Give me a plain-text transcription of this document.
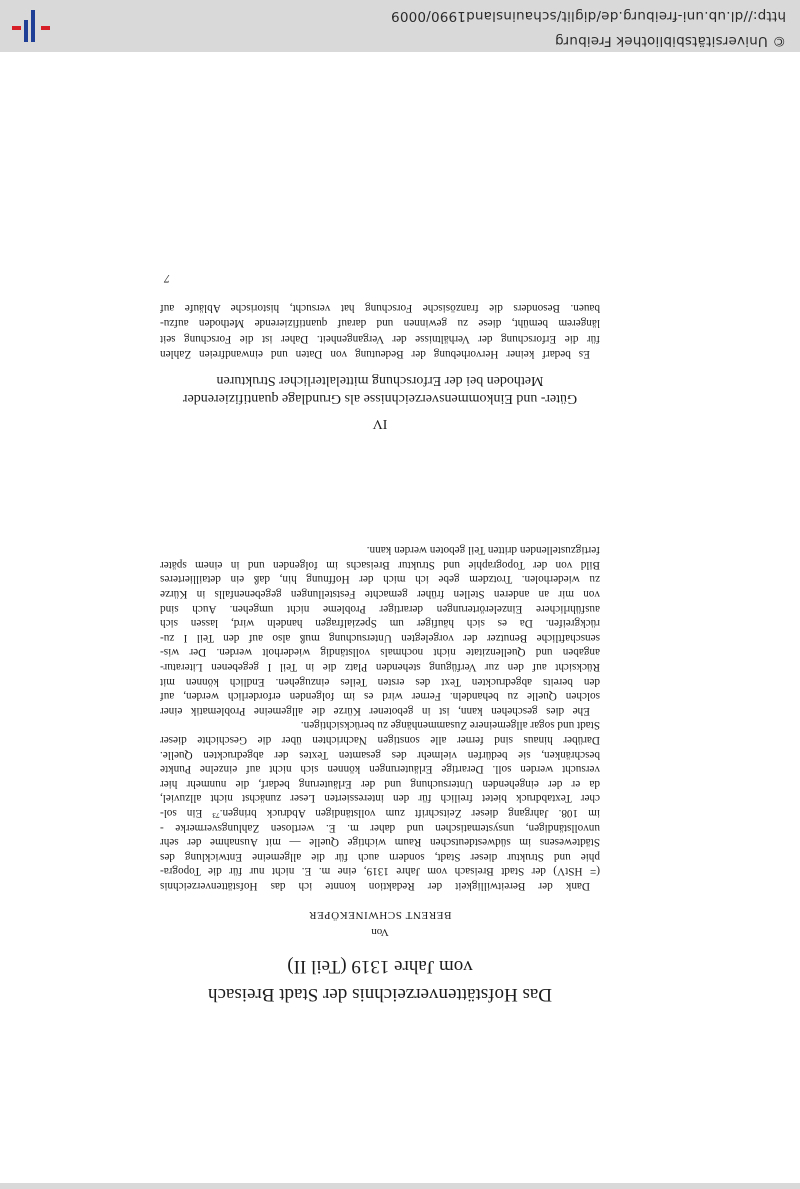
Das Hofstättenverzeichnis der Stadt Breisach
vom Jahre 1319 (Teil II)
Von
BERENT SCHWINEKÖPER
Dank der Bereitwilligkeit der Redaktion konnte ich das Hofstättenverzeichnis
(= HStV) der Stadt Breisach vom Jahre 1319, eine m. E. nicht nur für die Topogra-
phie und Struktur dieser Stadt, sondern auch für die allgemeine Entwicklung des
Städtewesens im südwestdeutschen Raum wichtige Quelle — mit Ausnahme der sehr
unvollständigen, unsystematischen und daher m. E. wertlosen Zahlungsvermerke -
im 108. Jahrgang dieser Zeitschrift zum vollständigen Abdruck bringen.⁷³ Ein sol-
cher Textabdruck bietet freilich für den interessierten Leser zunächst nicht allzuviel,
da er der eingehenden Untersuchung und der Erläuterung bedarf, die nunmehr hier
versucht werden soll. Derartige Erläuterungen können sich nicht auf einzelne Punkte
beschränken, sie bedürfen vielmehr des gesamten Textes der abgedruckten Quelle.
Darüber hinaus sind ferner alle sonstigen Nachrichten über die Geschichte dieser
Stadt und sogar allgemeinere Zusammenhänge zu berücksichtigen.
Ehe dies geschehen kann, ist in gebotener Kürze die allgemeine Problematik einer
solchen Quelle zu behandeln. Ferner wird es im folgenden erforderlich werden, auf
den bereits abgedruckten Text des ersten Teiles einzugehen. Endlich können mit
Rücksicht auf den zur Verfügung stehenden Platz die in Teil I gegebenen Literatur-
angaben und Quellenzitate nicht nochmals vollständig wiederholt werden. Der wis-
senschaftliche Benutzer der vorgelegten Untersuchung muß also auf den Teil I zu-
rückgreifen. Da es sich häufiger um Spezialfragen handeln wird, lassen sich
ausführlichere Einzelerörterungen derartiger Probleme nicht umgehen. Auch sind
von mir an anderen Stellen früher gemachte Feststellungen gegebenenfalls in Kürze
zu wiederholen. Trotzdem gebe ich mich der Hoffnung hin, daß ein detaillierteres
Bild von der Topographie und Struktur Breisachs im folgenden und in einem später
fertigzustellenden dritten Teil geboten werden kann.
IV
Güter- und Einkommensverzeichnisse als Grundlage quantifizierender
Methoden bei der Erforschung mittelalterlicher Strukturen
Es bedarf keiner Hervorhebung der Bedeutung von Daten und einwandfreien Zahlen
für die Erforschung der Verhältnisse der Vergangenheit. Daher ist die Forschung seit
längerem bemüht, diese zu gewinnen und darauf quantifizierende Methoden aufzu-
bauen. Besonders die französische Forschung hat versucht, historische Abläufe auf
7
© Universitätsbibliothek Freiburg
http://dl.ub.uni-freiburg.de/diglit/schauinsland1990/0009
